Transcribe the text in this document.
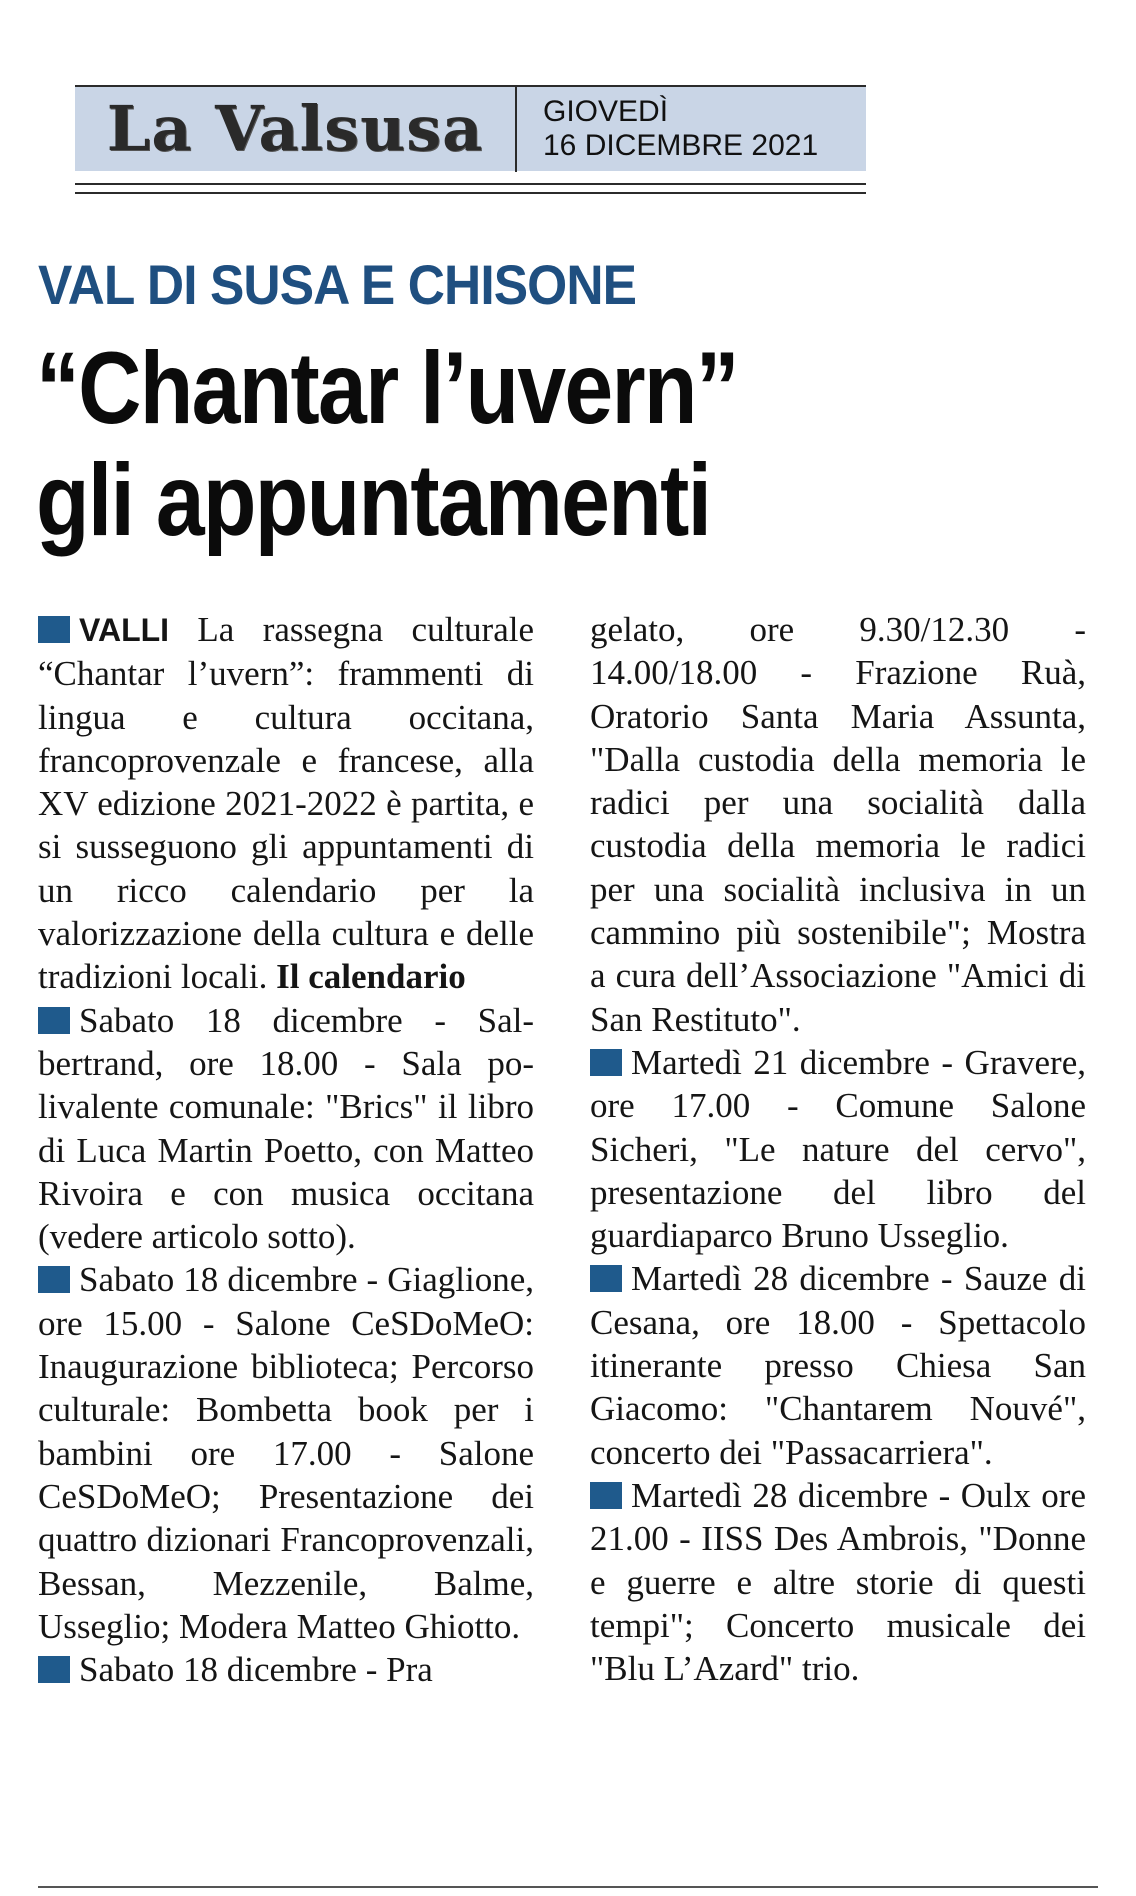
La Valsusa	GIOVEDÌ
16 DICEMBRE 2021
VAL DI SUSA E CHISONE
“Chantar l’uvern”
gli appuntamenti

VALLI La rassegna culturale “Chantar l’uvern”: frammenti di lingua e cultura occitana, francoprovenzale e francese, alla XV edizione 2021-2022 è partita, e si susseguono gli appuntamenti di un ricco calendario per la valorizzazione della cultura e delle tradizioni locali. Il calendario

Sabato 18 dicembre - Salbertrand, ore 18.00 - Sala polivalente comunale: "Brics" il libro di Luca Martin Poetto, con Matteo Rivoira e con musica occitana (vedere articolo sotto).

Sabato 18 dicembre - Giaglione, ore 15.00 - Salone CeSDoMeO: Inaugurazione biblioteca; Percorso culturale: Bombetta book per i bambini ore 17.00 - Salone CeSDoMeO; Presentazione dei quattro dizionari Francoprovenzali, Bessan, Mezzenile, Balme, Usseglio; Modera Matteo Ghiotto.

Sabato 18 dicembre - Pra

gelato, ore 9.30/12.30 - 14.00/18.00 - Frazione Ruà, Oratorio Santa Maria Assunta, "Dalla custodia della memoria le radici per una socialità dalla custodia della memoria le radici per una socialità inclusiva in un cammino più sostenibile"; Mostra a cura dell’Associazione "Amici di San Restituto".

Martedì 21 dicembre - Gravere, ore 17.00 - Comune Salone Sicheri, "Le nature del cervo", presentazione del libro del guardiaparco Bruno Usseglio.

Martedì 28 dicembre - Sauze di Cesana, ore 18.00 - Spettacolo itinerante presso Chiesa San Giacomo: "Chantarem Nouvé", concerto dei "Passacarriera".

Martedì 28 dicembre - Oulx ore 21.00 - IISS Des Ambrois, "Donne e guerre e altre storie di questi tempi"; Concerto musicale dei "Blu L’Azard" trio.
